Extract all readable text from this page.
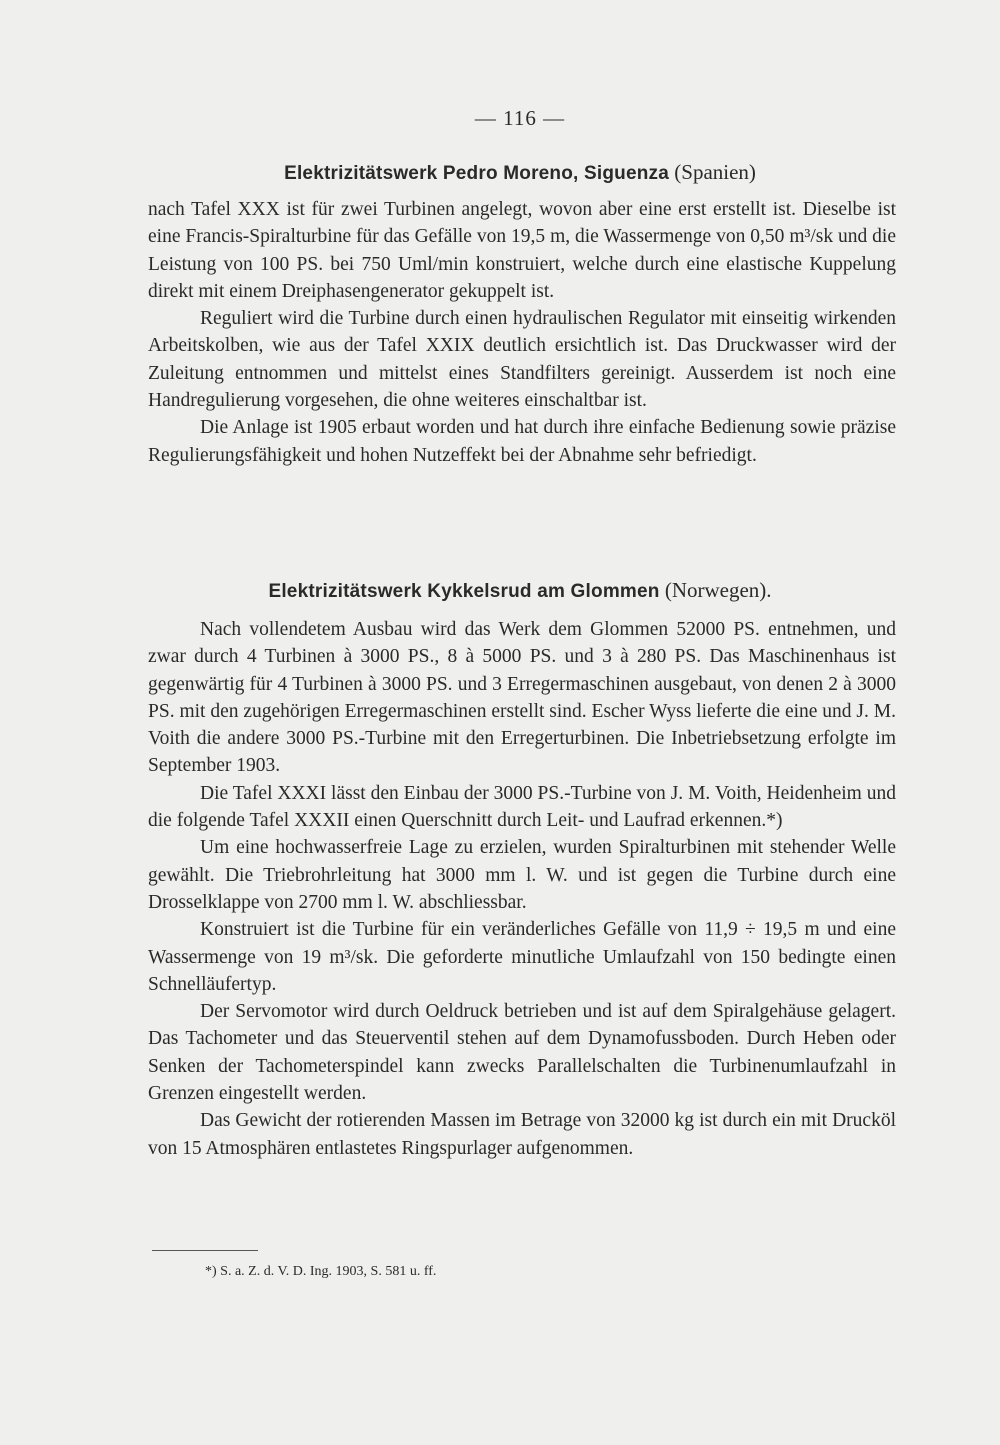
— 116 —
Elektrizitätswerk Pedro Moreno, Siguenza (Spanien)

nach Tafel XXX ist für zwei Turbinen angelegt, wovon aber eine erst erstellt ist. Dieselbe ist eine Francis-Spiralturbine für das Gefälle von 19,5 m, die Wassermenge von 0,50 m³/sk und die Leistung von 100 PS. bei 750 Uml/min konstruiert, welche durch eine elastische Kuppelung direkt mit einem Dreiphasengenerator gekuppelt ist.

Reguliert wird die Turbine durch einen hydraulischen Regulator mit einseitig wirkenden Arbeitskolben, wie aus der Tafel XXIX deutlich ersichtlich ist. Das Druckwasser wird der Zuleitung entnommen und mittelst eines Standfilters gereinigt. Ausserdem ist noch eine Handregulierung vorgesehen, die ohne weiteres einschaltbar ist.

Die Anlage ist 1905 erbaut worden und hat durch ihre einfache Bedienung sowie präzise Regulierungsfähigkeit und hohen Nutzeffekt bei der Abnahme sehr befriedigt.

Elektrizitätswerk Kykkelsrud am Glommen (Norwegen).

Nach vollendetem Ausbau wird das Werk dem Glommen 52000 PS. entnehmen, und zwar durch 4 Turbinen à 3000 PS., 8 à 5000 PS. und 3 à 280 PS. Das Maschinenhaus ist gegenwärtig für 4 Turbinen à 3000 PS. und 3 Erregermaschinen ausgebaut, von denen 2 à 3000 PS. mit den zugehörigen Erregermaschinen erstellt sind. Escher Wyss lieferte die eine und J. M. Voith die andere 3000 PS.-Turbine mit den Erregerturbinen. Die Inbetriebsetzung erfolgte im September 1903.

Die Tafel XXXI lässt den Einbau der 3000 PS.-Turbine von J. M. Voith, Heidenheim und die folgende Tafel XXXII einen Querschnitt durch Leit- und Laufrad erkennen.*)

Um eine hochwasserfreie Lage zu erzielen, wurden Spiralturbinen mit stehender Welle gewählt. Die Triebrohrleitung hat 3000 mm l. W. und ist gegen die Turbine durch eine Drosselklappe von 2700 mm l. W. abschliessbar.

Konstruiert ist die Turbine für ein veränderliches Gefälle von 11,9 ÷ 19,5 m und eine Wassermenge von 19 m³/sk. Die geforderte minutliche Umlaufzahl von 150 bedingte einen Schnelläufertyp.

Der Servomotor wird durch Oeldruck betrieben und ist auf dem Spiralgehäuse gelagert. Das Tachometer und das Steuerventil stehen auf dem Dynamofussboden. Durch Heben oder Senken der Tachometerspindel kann zwecks Parallelschalten die Turbinenumlaufzahl in Grenzen eingestellt werden.

Das Gewicht der rotierenden Massen im Betrage von 32000 kg ist durch ein mit Drucköl von 15 Atmosphären entlastetes Ringspurlager aufgenommen.

*) S. a. Z. d. V. D. Ing. 1903, S. 581 u. ff.
